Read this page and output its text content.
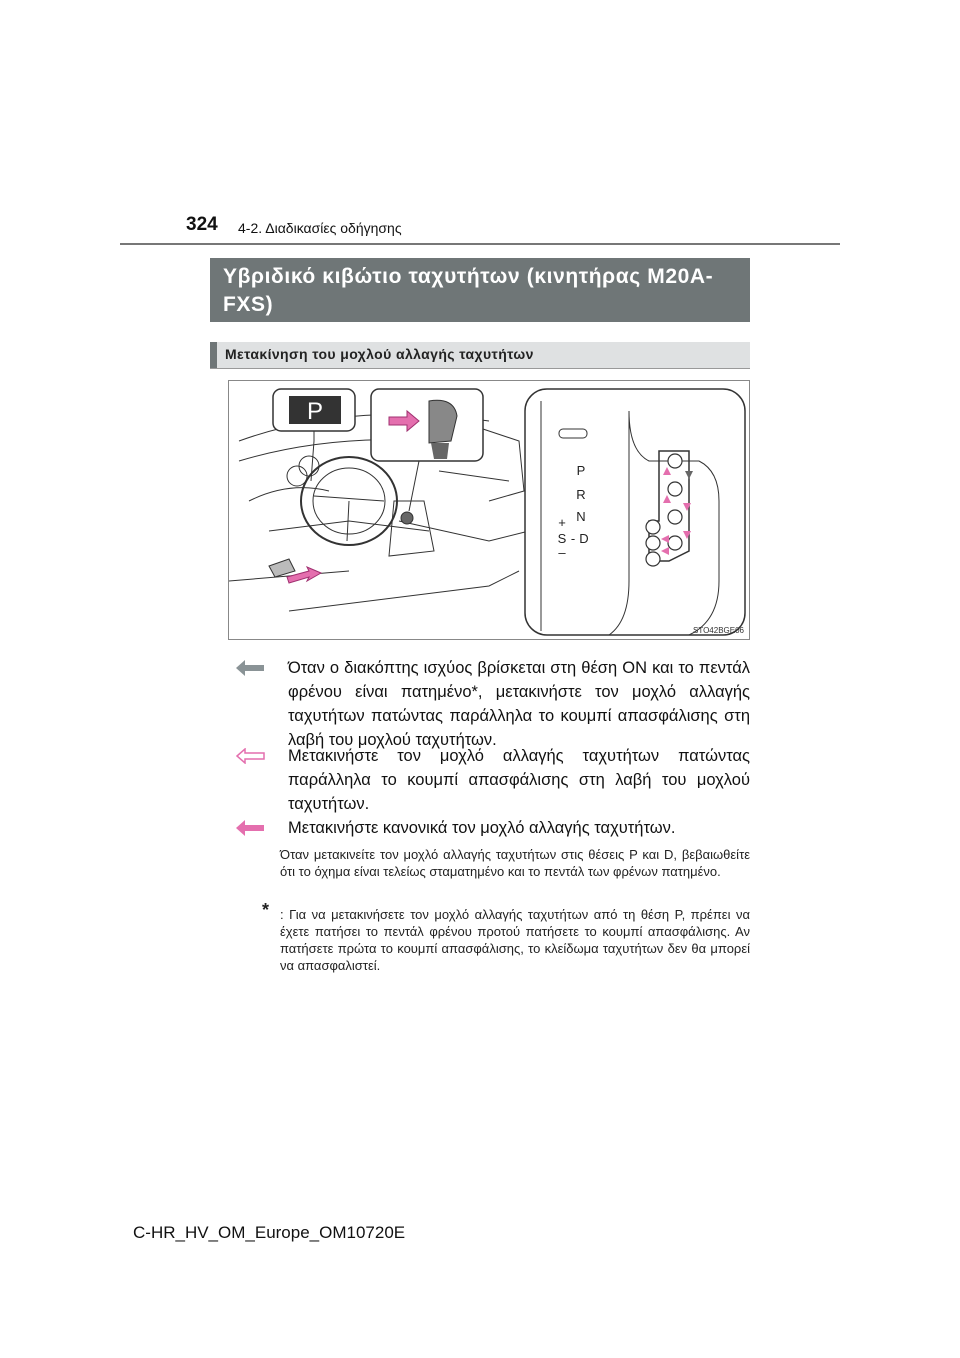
324 4-2. Διαδικασίες οδήγησης
Υβριδικό κιβώτιο ταχυτήτων (κινητήρας M20A-FXS)
Μετακίνηση του μοχλού αλλαγής ταχυτήτων
P
P
R
N
D
+
S -
–
STO42BGE06
Όταν ο διακόπτης ισχύος βρίσκεται στη θέση ON και το πεντάλ φρένου είναι πατημένο*, μετακινήστε τον μοχλό αλλαγής ταχυτήτων πατώντας παράλληλα το κουμπί απασφάλισης στη λαβή του μοχλού ταχυτήτων.
Μετακινήστε τον μοχλό αλλαγής ταχυτήτων πατώντας παράλληλα το κουμπί απασφάλισης στη λαβή του μοχλού ταχυτήτων.
Μετακινήστε κανονικά τον μοχλό αλλαγής ταχυτήτων.
Όταν μετακινείτε τον μοχλό αλλαγής ταχυτήτων στις θέσεις P και D, βεβαιωθείτε ότι το όχημα είναι τελείως σταματημένο και το πεντάλ των φρένων πατημένο.
* : Για να μετακινήσετε τον μοχλό αλλαγής ταχυτήτων από τη θέση P, πρέπει να έχετε πατήσει το πεντάλ φρένου προτού πατήσετε το κουμπί απασφάλισης. Αν πατήσετε πρώτα το κουμπί απασφάλισης, το κλείδωμα ταχυτήτων δεν θα μπορεί να απασφαλιστεί.
C-HR_HV_OM_Europe_OM10720E
